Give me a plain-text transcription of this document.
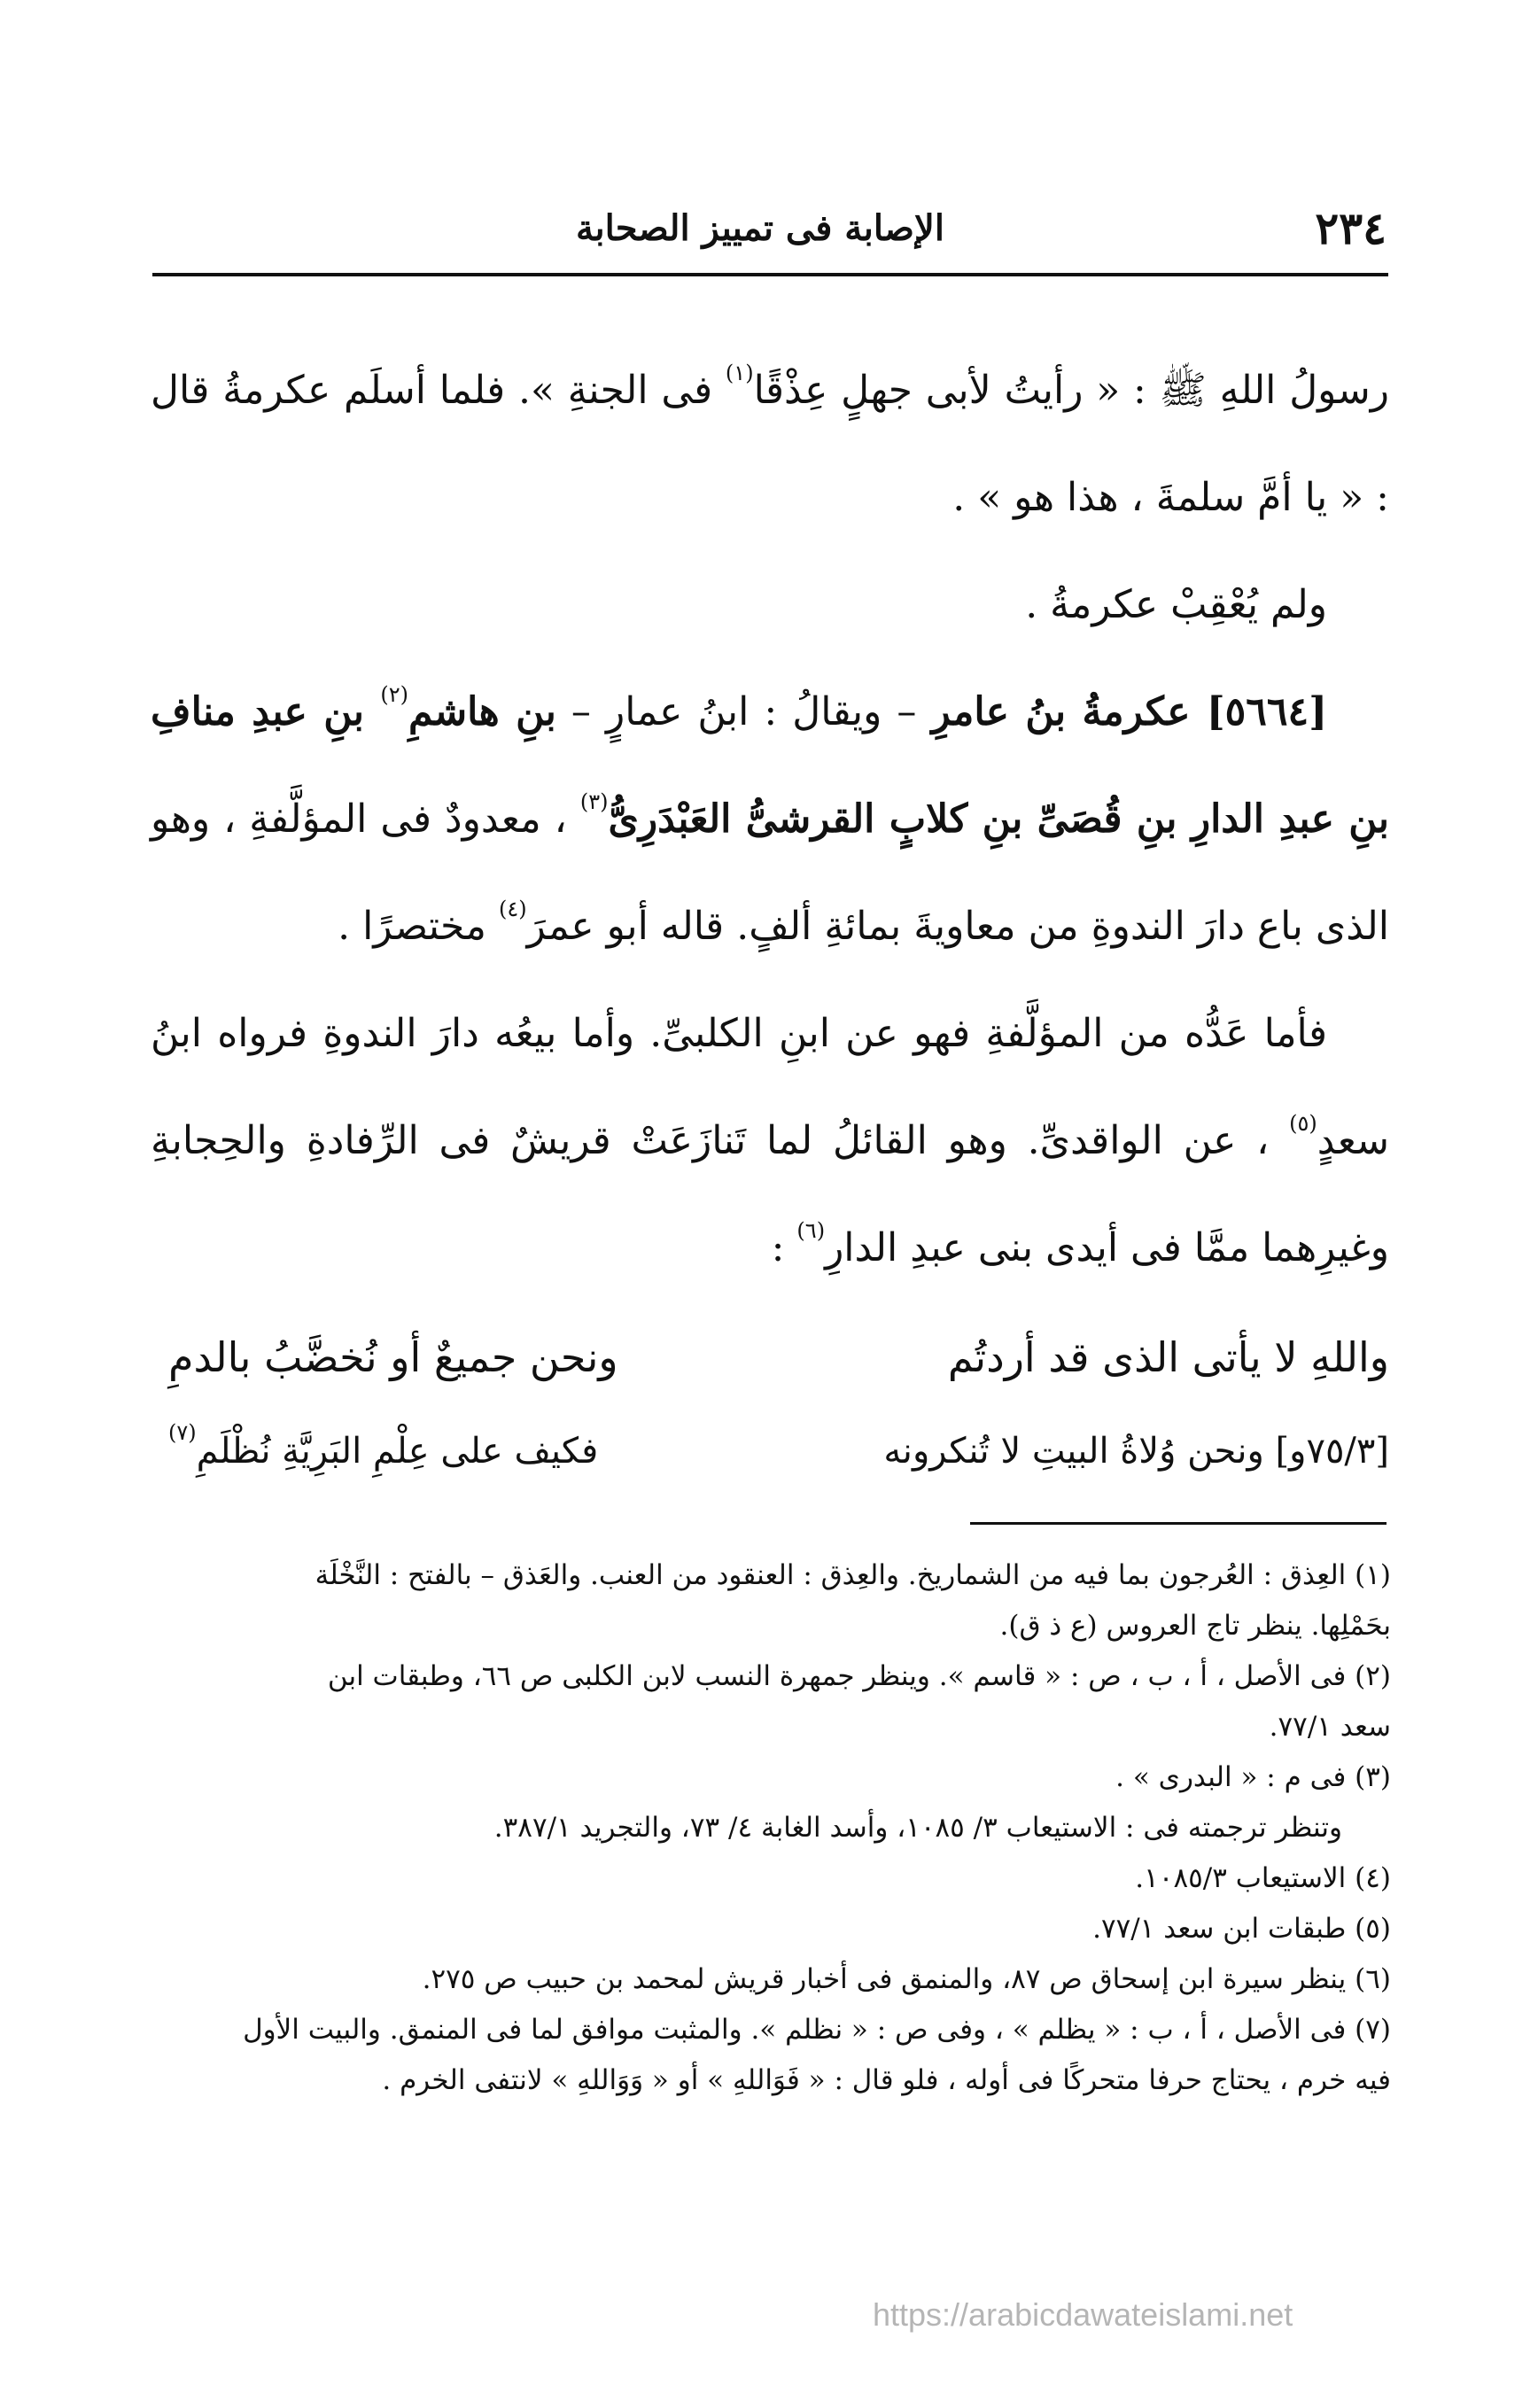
٢٣٤
الإصابة فى تمييز الصحابة

رسولُ اللهِ ﷺ : « رأيتُ لأبى جهلٍ عِذْقًا$^{(١)}$ فى الجنةِ ». فلما أسلَم عكرمةُ قال : « يا أمَّ سلمةَ ، هذا هو » .

ولم يُعْقِبْ عكرمةُ .

[٥٦٦٤] عكرمةُ بنُ عامرِ – ويقالُ : ابنُ عمارٍ – بنِ هاشمِ$^{(٢)}$ بنِ عبدِ منافِ بنِ عبدِ الدارِ بنِ قُصَىِّ بنِ كلابٍ القرشىُّ العَبْدَرِىُّ$^{(٣)}$ ، معدودٌ فى المؤلَّفةِ ، وهو الذى باع دارَ الندوةِ من معاويةَ بمائةِ ألفٍ. قاله أبو عمرَ$^{(٤)}$ مختصرًا .

فأما عَدُّه من المؤلَّفةِ فهو عن ابنِ الكلبىِّ. وأما بيعُه دارَ الندوةِ فرواه ابنُ سعدٍ$^{(٥)}$ ، عن الواقدىِّ. وهو القائلُ لما تَنازَعَتْ قريشٌ فى الرِّفادةِ والحِجابةِ وغيرِهما ممَّا فى أيدى بنى عبدِ الدارِ$^{(٦)}$ :

واللهِ لا يأتى الذى قد أردتُم
ونحن جميعٌ أو نُخضَّبُ بالدمِ
[٧٥/٣و] ونحن وُلاةُ البيتِ لا تُنكرونه
فكيف على عِلْمِ البَرِيَّةِ نُظْلَمِ$^{(٧)}$

(١) العِذق : العُرجون بما فيه من الشماريخ. والعِذق : العنقود من العنب. والعَذق – بالفتح : النَّخْلَة

بحَمْلِها. ينظر تاج العروس (ع ذ ق).

(٢) فى الأصل ، أ ، ب ، ص : « قاسم ». وينظر جمهرة النسب لابن الكلبى ص ٦٦، وطبقات ابن

سعد ٧٧/١.

(٣) فى م : « البدرى » .

وتنظر ترجمته فى : الاستيعاب ٣/ ١٠٨٥، وأسد الغابة ٤/ ٧٣، والتجريد ٣٨٧/١.

(٤) الاستيعاب ١٠٨٥/٣.

(٥) طبقات ابن سعد ٧٧/١.

(٦) ينظر سيرة ابن إسحاق ص ٨٧، والمنمق فى أخبار قريش لمحمد بن حبيب ص ٢٧٥.

(٧) فى الأصل ، أ ، ب : « يظلم » ، وفى ص : « نظلم ». والمثبت موافق لما فى المنمق. والبيت الأول

فيه خرم ، يحتاج حرفا متحركًا فى أوله ، فلو قال : « فَوَاللهِ » أو « وَوَاللهِ » لانتفى الخرم .

https://arabicdawateislami.net
